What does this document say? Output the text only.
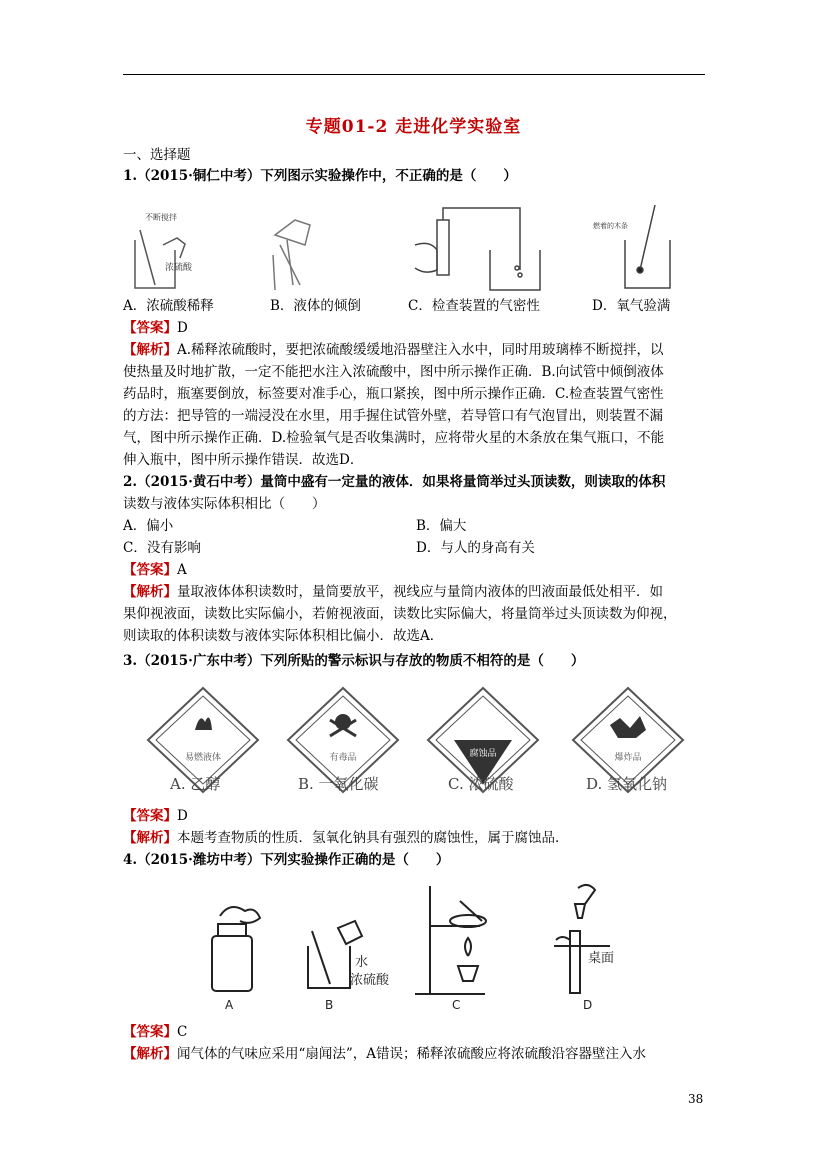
专题01-2 走进化学实验室
一、选择题
1.（2015·铜仁中考）下列图示实验操作中，不正确的是（　　）
不断搅拌
浓硫酸
燃着的木条
A．浓硫酸稀释	B．液体的倾倒	C．检查装置的气密性	D．氧气验满
【答案】D
【解析】A.稀释浓硫酸时，要把浓硫酸缓缓地沿器壁注入水中，同时用玻璃棒不断搅拌，以
使热量及时地扩散，一定不能把水注入浓硫酸中，图中所示操作正确．B.向试管中倾倒液体
药品时，瓶塞要倒放，标签要对准手心，瓶口紧挨，图中所示操作正确．C.检查装置气密性
的方法：把导管的一端浸没在水里，用手握住试管外壁，若导管口有气泡冒出，则装置不漏
气，图中所示操作正确．D.检验氧气是否收集满时，应将带火星的木条放在集气瓶口，不能
伸入瓶中，图中所示操作错误．故选D．
2.（2015·黄石中考）量筒中盛有一定量的液体．如果将量筒举过头顶读数，则读取的体积
读数与液体实际体积相比（　　）
A．偏小	B．偏大
C．没有影响	D．与人的身高有关
【答案】A
【解析】量取液体体积读数时，量筒要放平，视线应与量筒内液体的凹液面最低处相平．如
果仰视液面，读数比实际偏小，若俯视液面，读数比实际偏大，将量筒举过头顶读数为仰视，
则读取的体积读数与液体实际体积相比偏小．故选A．
3.（2015·广东中考）下列所贴的警示标识与存放的物质不相符的是（　　）
易燃液体	有毒品	腐蚀品	爆炸品
A. 乙醇	B. 一氧化碳	C. 浓硫酸	D. 氢氧化钠
【答案】D
【解析】本题考查物质的性质．氢氧化钠具有强烈的腐蚀性，属于腐蚀品．
4.（2015·潍坊中考）下列实验操作正确的是（　　）
水
浓硫酸
桌面
A	B	C	D
【答案】C
【解析】闻气体的气味应采用“扇闻法”，A错误；稀释浓硫酸应将浓硫酸沿容器壁注入水
38
